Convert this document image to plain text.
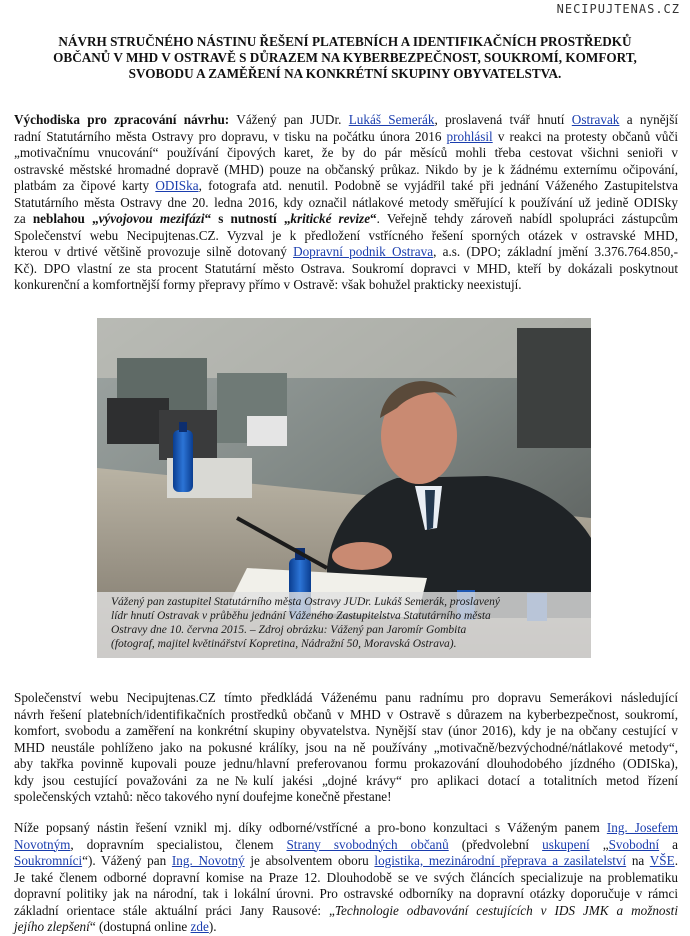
NECIPUJTENAS.CZ
NÁVRH STRUČNÉHO NÁSTINU ŘEŠENÍ PLATEBNÍCH A IDENTIFIKAČNÍCH PROSTŘEDKŮ
OBČANŮ V MHD V OSTRAVĚ S DŮRAZEM NA KYBERBEZPEČNOST, SOUKROMÍ, KOMFORT,
SVOBODU A ZAMĚŘENÍ NA KONKRÉTNÍ SKUPINY OBYVATELSTVA.
Východiska pro zpracování návrhu: Vážený pan JUDr. Lukáš Semerák, proslavená tvář hnutí Ostravak a nynější
radní Statutárního města Ostravy pro dopravu, v tisku na počátku února 2016 prohlásil v reakci na protesty občanů vůči
„motivačnímu vnucování“ používání čipových karet, že by do pár měsíců mohli třeba cestovat všichni senioři v
ostravské městské hromadné dopravě (MHD) pouze na občanský průkaz. Nikdo by je k žádnému externímu očipování,
platbám za čipové karty ODISka, fotografa atd. nenutil. Podobně se vyjádřil také při jednání Váženého Zastupitelstva
Statutárního města Ostravy dne 20. ledna 2016, kdy označil nátlakové metody směřující k používání už jedině ODISky
za neblahou „vývojovou mezifázi“ s nutností „kritické revize“. Veřejně tehdy zároveň nabídl spolupráci zástupcům
Společenství webu Necipujtenas.CZ. Vyzval je k předložení vstřícného řešení sporných otázek v ostravské MHD,
kterou v drtivé většině provozuje silně dotovaný Dopravní podnik Ostrava, a.s. (DPO; základní jmění 3.376.764.850,-
Kč). DPO vlastní ze sta procent Statutární město Ostrava. Soukromí dopravci v MHD, kteří by dokázali poskytnout
konkurenční a komfortnější formy přepravy přímo v Ostravě: však bohužel prakticky neexistují.
Vážený pan zastupitel Statutárního města Ostravy JUDr. Lukáš Semerák, proslavený
lídr hnutí Ostravak v průběhu jednání Váženého Zastupitelstva Statutárního města
Ostravy dne 10. června 2015. – Zdroj obrázku: Vážený pan Jaromír Gombita
(fotograf, majitel květinářství Kopretina, Nádražní 50, Moravská Ostrava).
Společenství webu Necipujtenas.CZ tímto předkládá Váženému panu radnímu pro dopravu Semerákovi následující
návrh řešení platebních/identifikačních prostředků občanů v MHD v Ostravě s důrazem na kyberbezpečnost, soukromí,
komfort, svobodu a zaměření na konkrétní skupiny obyvatelstva. Nynější stav (únor 2016), kdy je na občany cestující v
MHD neustále pohlíženo jako na pokusné králíky, jsou na ně používány „motivačně/bezvýchodné/nátlakové metody“,
aby takřka povinně kupovali pouze jednu/hlavní preferovanou formu prokazování dlouhodobého jízdného (ODISka),
kdy jsou cestující považováni za ne№kulí jakési „dojné krávy“ pro aplikaci dotací a totalitních metod řízení
společenských vztahů: něco takového nyní doufejme konečně přestane!
Níže popsaný nástin řešení vznikl mj. díky odborné/vstřícné a pro-bono konzultaci s Váženým panem Ing. Josefem
Novotným, dopravním specialistou, členem Strany svobodných občanů (předvolební uskupení „Svobodní a
Soukromníci“). Vážený pan Ing. Novotný je absolventem oboru logistika, mezinárodní přeprava a zasilatelství na VŠE.
Je také členem odborné dopravní komise na Praze 12. Dlouhodobě se ve svých článcích specializuje na problematiku
dopravní politiky jak na národní, tak i lokální úrovni. Pro ostravské odborníky na dopravní otázky doporučuje v rámci
základní orientace stále aktuální práci Jany Rausové: „Technologie odbavování cestujících v IDS JMK a možnosti
jejího zlepšení“ (dostupná online zde).
